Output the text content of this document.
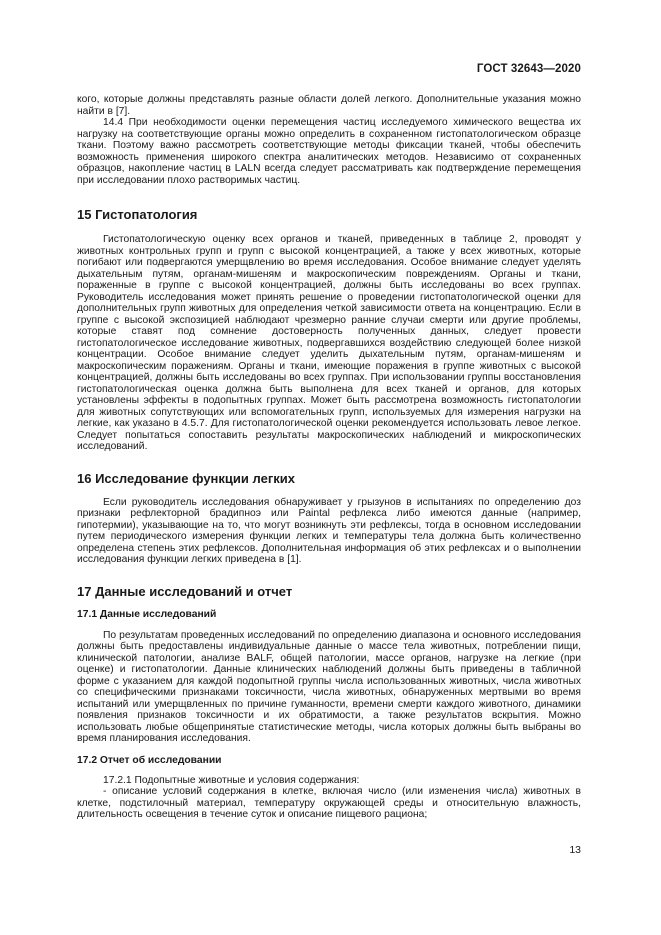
ГОСТ 32643—2020

кого, которые должны представлять разные области долей легкого. Дополнительные указания можно найти в [7].

14.4 При необходимости оценки перемещения частиц исследуемого химического вещества их нагрузку на соответствующие органы можно определить в сохраненном гистопатологическом образце ткани. Поэтому важно рассмотреть соответствующие методы фиксации тканей, чтобы обеспечить возможность применения широкого спектра аналитических методов. Независимо от сохраненных образцов, накопление частиц в LALN всегда следует рассматривать как подтверждение перемещения при исследовании плохо растворимых частиц.

15 Гистопатология

Гистопатологическую оценку всех органов и тканей, приведенных в таблице 2, проводят у животных контрольных групп и групп с высокой концентрацией, а также у всех животных, которые погибают или подвергаются умерщвлению во время исследования. Особое внимание следует уделять дыхательным путям, органам-мишеням и макроскопическим повреждениям. Органы и ткани, пораженные в группе с высокой концентрацией, должны быть исследованы во всех группах. Руководитель исследования может принять решение о проведении гистопатологической оценки для дополнительных групп животных для определения четкой зависимости ответа на концентрацию. Если в группе с высокой экспозицией наблюдают чрезмерно ранние случаи смерти или другие проблемы, которые ставят под сомнение достоверность полученных данных, следует провести гистопатологическое исследование животных, подвергавшихся воздействию следующей более низкой концентрации. Особое внимание следует уделить дыхательным путям, органам-мишеням и макроскопическим поражениям. Органы и ткани, имеющие поражения в группе животных с высокой концентрацией, должны быть исследованы во всех группах. При использовании группы восстановления гистопатологическая оценка должна быть выполнена для всех тканей и органов, для которых установлены эффекты в подопытных группах. Может быть рассмотрена возможность гистопатологии для животных сопутствующих или вспомогательных групп, используемых для измерения нагрузки на легкие, как указано в 4.5.7. Для гистопатологической оценки рекомендуется использовать левое легкое. Следует попытаться сопоставить результаты макроскопических наблюдений и микроскопических исследований.

16 Исследование функции легких

Если руководитель исследования обнаруживает у грызунов в испытаниях по определению доз признаки рефлекторной брадипноэ или Paintal рефлекса либо имеются данные (например, гипотермии), указывающие на то, что могут возникнуть эти рефлексы, тогда в основном исследовании путем периодического измерения функции легких и температуры тела должна быть количественно определена степень этих рефлексов. Дополнительная информация об этих рефлексах и о выполнении исследования функции легких приведена в [1].

17 Данные исследований и отчет
17.1 Данные исследований

По результатам проведенных исследований по определению диапазона и основного исследования должны быть предоставлены индивидуальные данные о массе тела животных, потреблении пищи, клинической патологии, анализе BALF, общей патологии, массе органов, нагрузке на легкие (при оценке) и гистопатологии. Данные клинических наблюдений должны быть приведены в табличной форме с указанием для каждой подопытной группы числа использованных животных, числа животных со специфическими признаками токсичности, числа животных, обнаруженных мертвыми во время испытаний или умерщвленных по причине гуманности, времени смерти каждого животного, динамики появления признаков токсичности и их обратимости, а также результатов вскрытия. Можно использовать любые общепринятые статистические методы, числа которых должны быть выбраны во время планирования исследования.

17.2 Отчет об исследовании

17.2.1 Подопытные животные и условия содержания:

- описание условий содержания в клетке, включая число (или изменения числа) животных в клетке, подстилочный материал, температуру окружающей среды и относительную влажность, длительность освещения в течение суток и описание пищевого рациона;

13
